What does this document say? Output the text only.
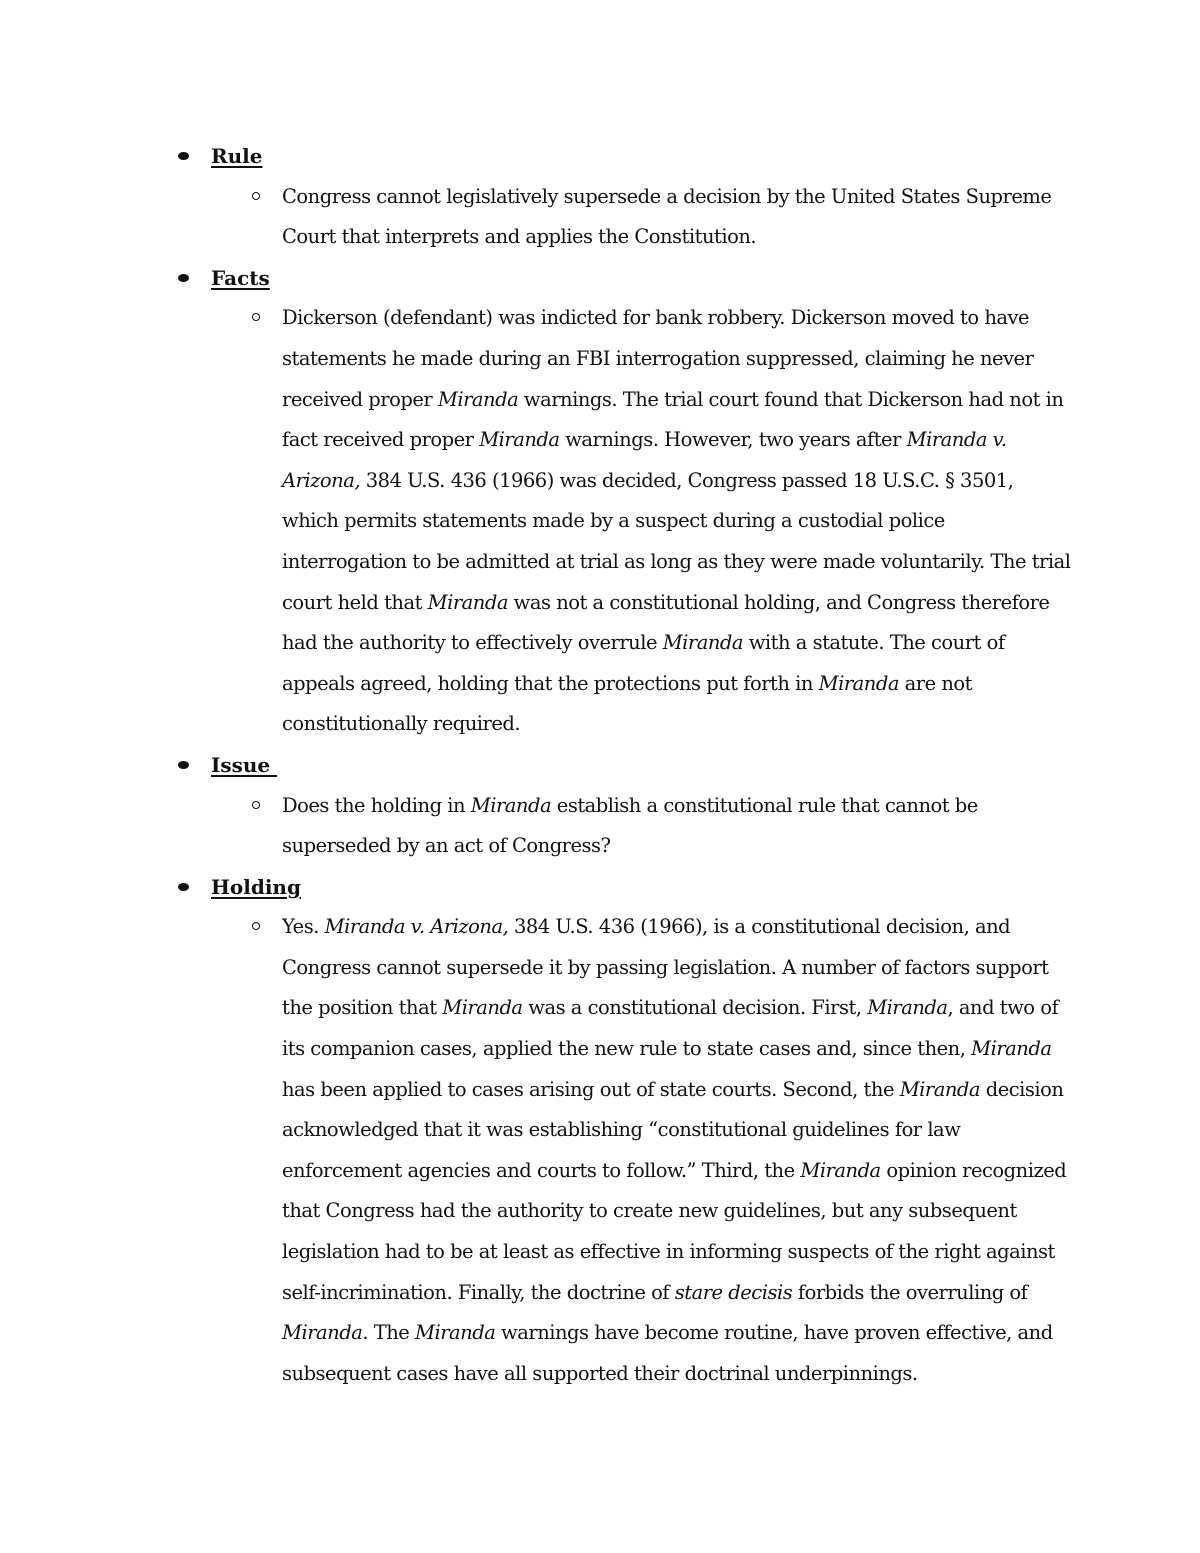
Rule

Congress cannot legislatively supersede a decision by the United States Supreme Court that interprets and applies the Constitution.

Facts

Dickerson (defendant) was indicted for bank robbery. Dickerson moved to have statements he made during an FBI interrogation suppressed, claiming he never received proper Miranda warnings. The trial court found that Dickerson had not in fact received proper Miranda warnings. However, two years after Miranda v. Arizona, 384 U.S. 436 (1966) was decided, Congress passed 18 U.S.C. § 3501, which permits statements made by a suspect during a custodial police interrogation to be admitted at trial as long as they were made voluntarily. The trial court held that Miranda was not a constitutional holding, and Congress therefore had the authority to effectively overrule Miranda with a statute. The court of appeals agreed, holding that the protections put forth in Miranda are not constitutionally required.

Issue

Does the holding in Miranda establish a constitutional rule that cannot be superseded by an act of Congress?

Holding

Yes. Miranda v. Arizona, 384 U.S. 436 (1966), is a constitutional decision, and Congress cannot supersede it by passing legislation. A number of factors support the position that Miranda was a constitutional decision. First, Miranda, and two of its companion cases, applied the new rule to state cases and, since then, Miranda has been applied to cases arising out of state courts. Second, the Miranda decision acknowledged that it was establishing “constitutional guidelines for law enforcement agencies and courts to follow.” Third, the Miranda opinion recognized that Congress had the authority to create new guidelines, but any subsequent legislation had to be at least as effective in informing suspects of the right against self-incrimination. Finally, the doctrine of stare decisis forbids the overruling of Miranda. The Miranda warnings have become routine, have proven effective, and subsequent cases have all supported their doctrinal underpinnings.
